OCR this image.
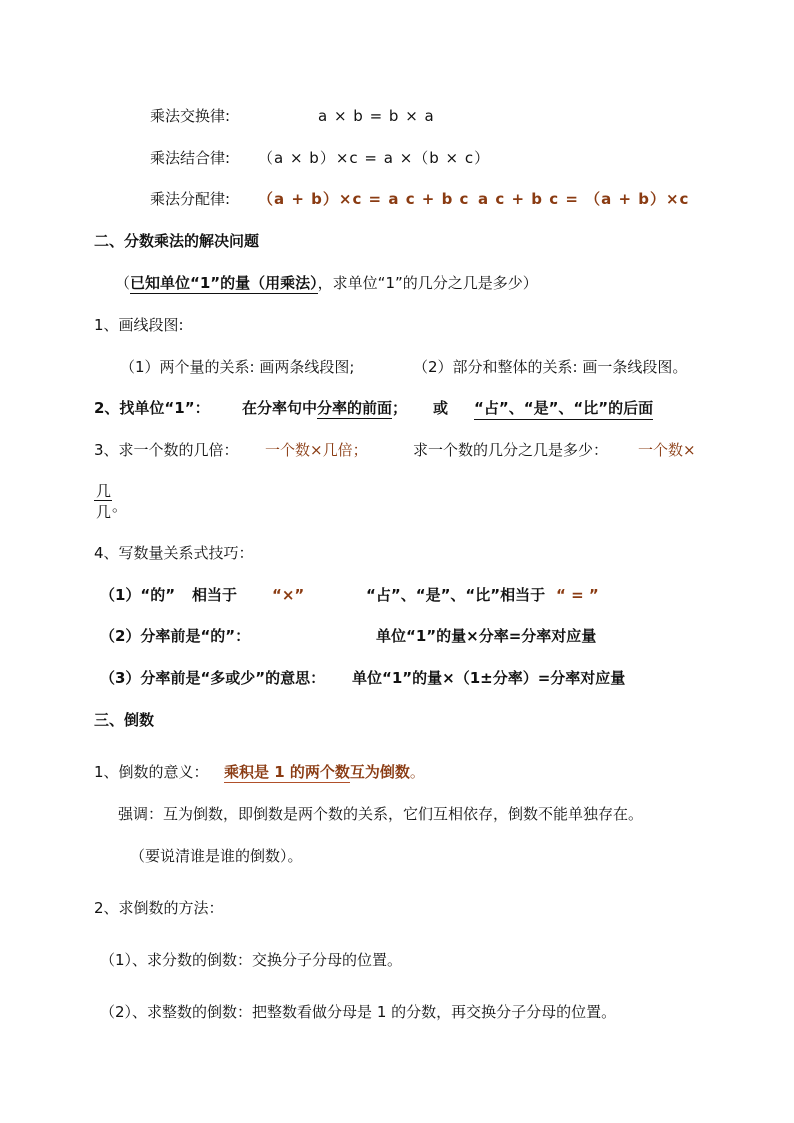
乘法交换律:	a × b = b × a
乘法结合律: （a × b）×c = a ×（b × c）
乘法分配律: （a + b）×c = a c + b c a c + b c = （a + b）×c
二、分数乘法的解决问题
（已知单位“1”的量（用乘法），求单位“1”的几分之几是多少）
1、画线段图:
（1）两个量的关系: 画两条线段图;	（2）部分和整体的关系: 画一条线段图。
2、找单位“1”： 在分率句中分率的前面； 或 “占”、“是”、“比”的后面
3、求一个数的几倍： 一个数×几倍；	求一个数的几分之几是多少： 一个数×
几
几 。
4、写数量关系式技巧：
（1）“的” 相当于 “×”	“占”、“是”、“比”相当于 “ = ”
（2）分率前是“的”：	单位“1”的量×分率=分率对应量
（3）分率前是“多或少”的意思： 单位“1”的量×（1±分率）=分率对应量
三、倒数
1、倒数的意义： 乘积是 1 的两个数互为倒数。
强调：互为倒数，即倒数是两个数的关系，它们互相依存，倒数不能单独存在。
（要说清谁是谁的倒数）。
2、求倒数的方法：
（1）、求分数的倒数：交换分子分母的位置。
（2）、求整数的倒数：把整数看做分母是 1 的分数，再交换分子分母的位置。
